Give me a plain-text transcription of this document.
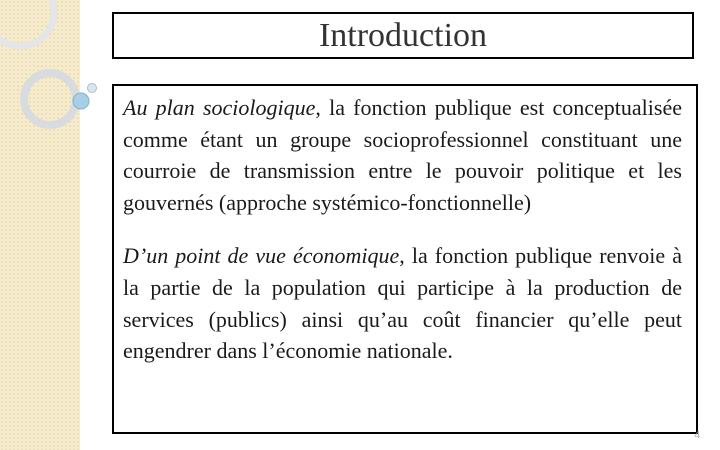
Introduction

Au plan sociologique, la fonction publique est conceptualisée comme étant un groupe socioprofessionnel constituant une courroie de transmission entre le pouvoir politique et les gouvernés (approche systémico-fonctionnelle)

D’un point de vue économique, la fonction publique renvoie à la partie de la population qui participe à la production de services (publics) ainsi qu’au coût financier qu’elle peut engendrer dans l’économie nationale.

4
